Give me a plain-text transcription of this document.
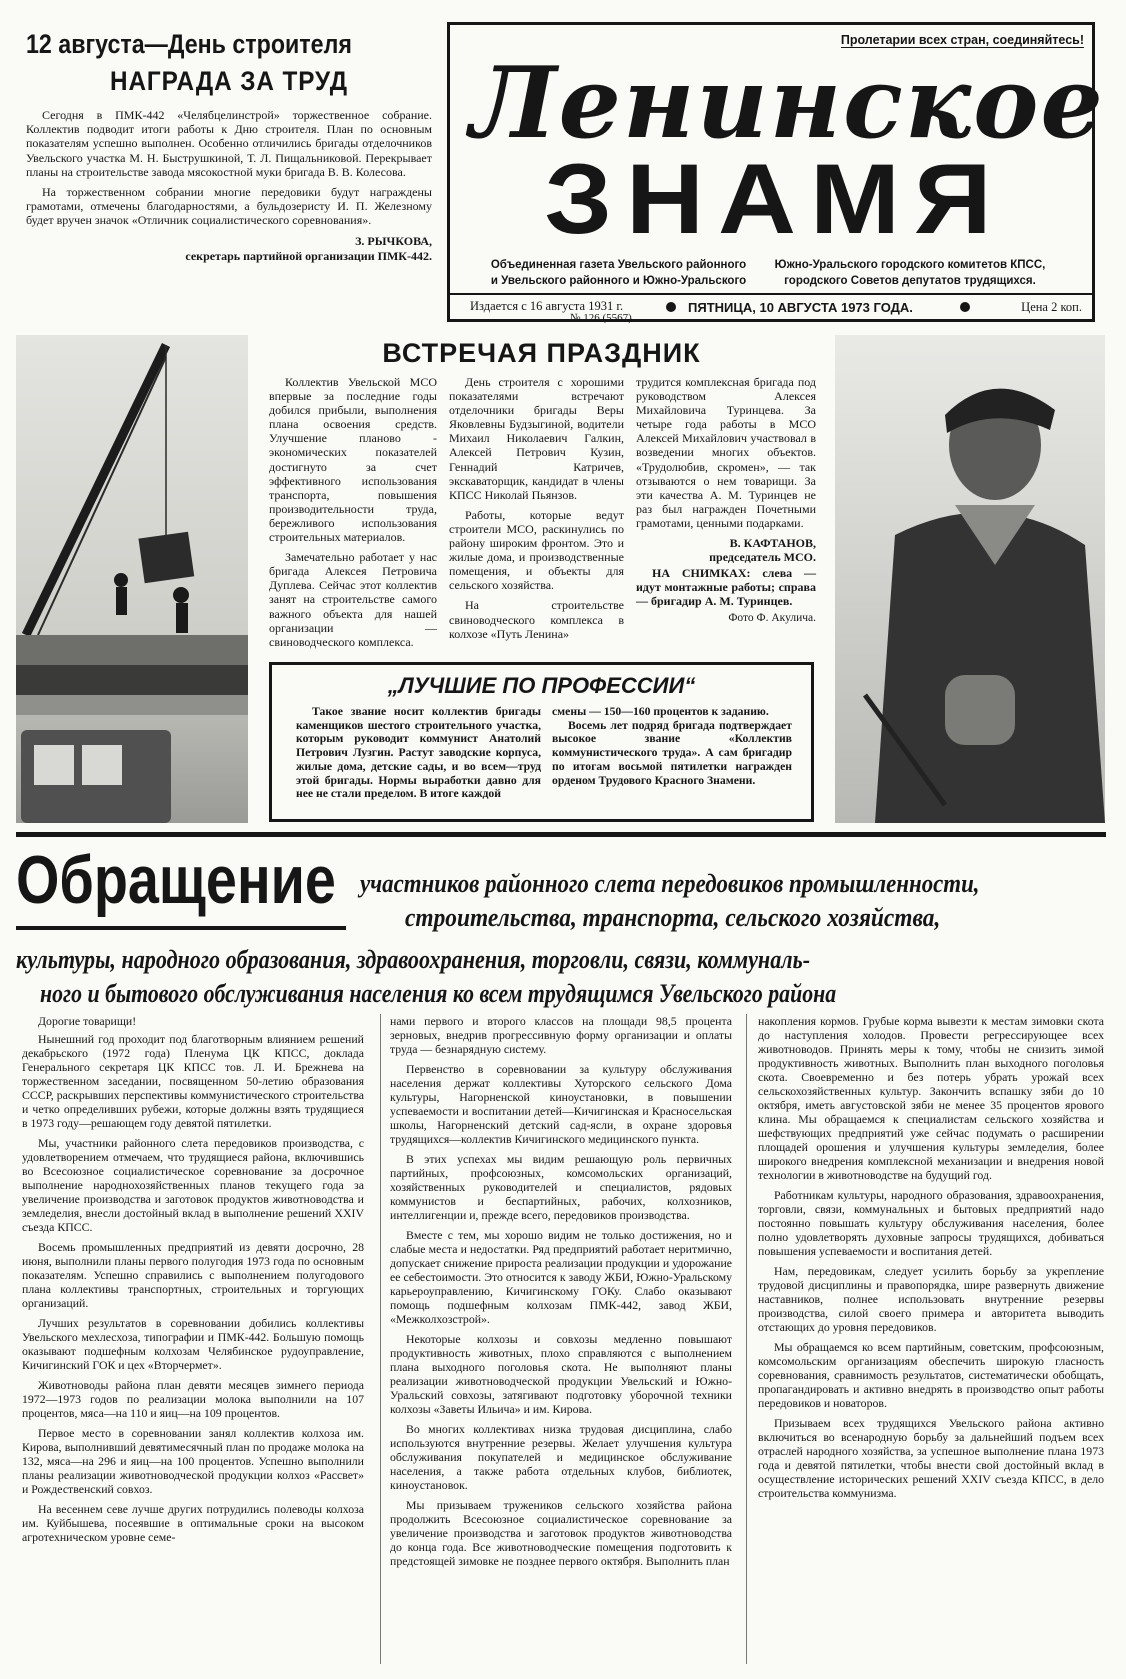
12 августа—День строителя
НАГРАДА ЗА ТРУД

Сегодня в ПМК-442 «Челябцелинстрой» торжественное собрание. Коллектив подводит итоги работы к Дню строителя. План по основным показателям успешно выполнен. Особенно отличились бригады отделочников Увельского участка М. Н. Быструшкиной, Т. Л. Пищальниковой. Перекрывает планы на строительстве завода мясокостной муки бригада В. В. Колесова.

На торжественном собрании многие передовики будут награждены грамотами, отмечены благодарностями, а бульдозеристу И. П. Железному будет вручен значок «Отличник социалистического соревнования».

З. РЫЧКОВА,
секретарь партийной организации ПМК-442.
Пролетарии всех стран, соединяйтесь!
Ленинское
ЗНАМЯ
Объединенная газета Увельского районного и Увельского районного и Южно-Уральского
Южно-Уральского городского комитетов КПСС, городского Советов депутатов трудящихся.
Издается с 16 августа 1931 г.
№ 126 (5567)
ПЯТНИЦА, 10 АВГУСТА 1973 ГОДА.	Цена 2 коп.
ВСТРЕЧАЯ ПРАЗДНИК

Коллектив Увельской МСО впервые за последние годы добился прибыли, выполнения плана освоения средств. Улучшение планово - экономических показателей достигнуто за счет эффективного использования транспорта, повышения производительности труда, бережливого использования строительных материалов.

Замечательно работает у нас бригада Алексея Петровича Дуплева. Сейчас этот коллектив занят на строительстве самого важного объекта для нашей организации — свиноводческого комплекса.

День строителя с хорошими показателями встречают отделочники бригады Веры Яковлевны Будзыгиной, водители Михаил Николаевич Галкин, Алексей Петрович Кузин, Геннадий Катричев, экскаваторщик, кандидат в члены КПСС Николай Пьянзов.

Работы, которые ведут строители МСО, раскинулись по району широким фронтом. Это и жилые дома, и производственные помещения, и объекты для сельского хозяйства.

На строительстве свиноводческого комплекса в колхозе «Путь Ленина»

трудится комплексная бригада под руководством Алексея Михайловича Туринцева. За четыре года работы в МСО Алексей Михайлович участвовал в возведении многих объектов. «Трудолюбив, скромен», — так отзываются о нем товарищи. За эти качества А. М. Туринцев не раз был награжден Почетными грамотами, ценными подарками.

В. КАФТАНОВ,
председатель МСО.

НА СНИМКАХ: слева — идут монтажные работы; справа — бригадир А. М. Туринцев.

Фото Ф. Акулича.
„ЛУЧШИЕ ПО ПРОФЕССИИ“

Такое звание носит коллектив бригады каменщиков шестого строительного участка, которым руководит коммунист Анатолий Петрович Лузгин. Растут заводские корпуса, жилые дома, детские сады, и во всем—труд этой бригады. Нормы выработки давно для нее не стали пределом. В итоге каждой

смены — 150—160 процентов к заданию.

Восемь лет подряд бригада подтверждает высокое звание «Коллектив коммунистического труда». А сам бригадир по итогам восьмой пятилетки награжден орденом Трудового Красного Знамени.

Обращение участников районного слета передовиков промышленности,
строительства, транспорта, сельского хозяйства,
культуры, народного образования, здравоохранения, торговли, связи, коммуналь-
ного и бытового обслуживания населения ко всем трудящимся Увельского района

Дорогие товарищи!

Нынешний год проходит под благотворным влиянием решений декабрьского (1972 года) Пленума ЦК КПСС, доклада Генерального секретаря ЦК КПСС тов. Л. И. Брежнева на торжественном заседании, посвященном 50-летию образования СССР, раскрывших перспективы коммунистического строительства и четко определивших рубежи, которые должны взять трудящиеся в 1973 году—решающем году девятой пятилетки.

Мы, участники районного слета передовиков производства, с удовлетворением отмечаем, что трудящиеся района, включившись во Всесоюзное социалистическое соревнование за досрочное выполнение народнохозяйственных планов текущего года за увеличение производства и заготовок продуктов животноводства и земледелия, внесли достойный вклад в выполнение решений XXIV съезда КПСС.

Восемь промышленных предприятий из девяти досрочно, 28 июня, выполнили планы первого полугодия 1973 года по основным показателям. Успешно справились с выполнением полугодового плана коллективы транспортных, строительных и торгующих организаций.

Лучших результатов в соревновании добились коллективы Увельского мехлесхоза, типографии и ПМК-442. Большую помощь оказывают подшефным колхозам Челябинское рудоуправление, Кичигинский ГОК и цех «Вторчермет».

Животноводы района план девяти месяцев зимнего периода 1972—1973 годов по реализации молока выполнили на 107 процентов, мяса—на 110 и яиц—на 109 процентов.

Первое место в соревновании занял коллектив колхоза им. Кирова, выполнивший девятимесячный план по продаже молока на 132, мяса—на 296 и яиц—на 100 процентов. Успешно выполнили планы реализации животноводческой продукции колхоз «Рассвет» и Рождественский совхоз.

На весеннем севе лучше других потрудились полеводы колхоза им. Куйбышева, посеявшие в оптимальные сроки на высоком агротехническом уровне семе-

нами первого и второго классов на площади 98,5 процента зерновых, внедрив прогрессивную форму организации и оплаты труда — безнарядную систему.

Первенство в соревновании за культуру обслуживания населения держат коллективы Хуторского сельского Дома культуры, Нагорненской киноустановки, в повышении успеваемости и воспитании детей—Кичигинская и Красносельская школы, Нагорненский детский сад-ясли, в охране здоровья трудящихся—коллектив Кичигинского медицинского пункта.

В этих успехах мы видим решающую роль первичных партийных, профсоюзных, комсомольских организаций, хозяйственных руководителей и специалистов, рядовых коммунистов и беспартийных, рабочих, колхозников, интеллигенции и, прежде всего, передовиков производства.

Вместе с тем, мы хорошо видим не только достижения, но и слабые места и недостатки. Ряд предприятий работает неритмично, допускает снижение прироста реализации продукции и удорожание ее себестоимости. Это относится к заводу ЖБИ, Южно-Уральскому карьероуправлению, Кичигинскому ГОКу. Слабо оказывают помощь подшефным колхозам ПМК-442, завод ЖБИ, «Межколхозстрой».

Некоторые колхозы и совхозы медленно повышают продуктивность животных, плохо справляются с выполнением плана выходного поголовья скота. Не выполняют планы реализации животноводческой продукции Увельский и Южно-Уральский совхозы, затягивают подготовку уборочной техники колхозы «Заветы Ильича» и им. Кирова.

Во многих коллективах низка трудовая дисциплина, слабо используются внутренние резервы. Желает улучшения культура обслуживания покупателей и медицинское обслуживание населения, а также работа отдельных клубов, библиотек, киноустановок.

Мы призываем тружеников сельского хозяйства района продолжить Всесоюзное социалистическое соревнование за увеличение производства и заготовок продуктов животноводства до конца года. Все животноводческие помещения подготовить к предстоящей зимовке не позднее первого октября. Выполнить план

накопления кормов. Грубые корма вывезти к местам зимовки скота до наступления холодов. Провести регрессирующее всех животноводов. Принять меры к тому, чтобы не снизить зимой продуктивность животных. Выполнить план выходного поголовья скота. Своевременно и без потерь убрать урожай всех сельскохозяйственных культур. Закончить вспашку зяби до 10 октября, иметь августовской зяби не менее 35 процентов ярового клина. Мы обращаемся к специалистам сельского хозяйства и шефствующих предприятий уже сейчас подумать о расширении площадей орошения и улучшения культуры земледелия, более широкого внедрения комплексной механизации и внедрения новой технологии в животноводстве на будущий год.

Работникам культуры, народного образования, здравоохранения, торговли, связи, коммунальных и бытовых предприятий надо постоянно повышать культуру обслуживания населения, более полно удовлетворять духовные запросы трудящихся, добиваться повышения успеваемости и воспитания детей.

Нам, передовикам, следует усилить борьбу за укрепление трудовой дисциплины и правопорядка, шире развернуть движение наставников, полнее использовать внутренние резервы производства, силой своего примера и авторитета выводить отстающих до уровня передовиков.

Мы обращаемся ко всем партийным, советским, профсоюзным, комсомольским организациям обеспечить широкую гласность соревнования, сравнимость результатов, систематически обобщать, пропагандировать и активно внедрять в производство опыт работы передовиков и новаторов.

Призываем всех трудящихся Увельского района активно включиться во всенародную борьбу за дальнейший подъем всех отраслей народного хозяйства, за успешное выполнение плана 1973 года и девятой пятилетки, чтобы внести свой достойный вклад в осуществление исторических решений XXIV съезда КПСС, в дело строительства коммунизма.
